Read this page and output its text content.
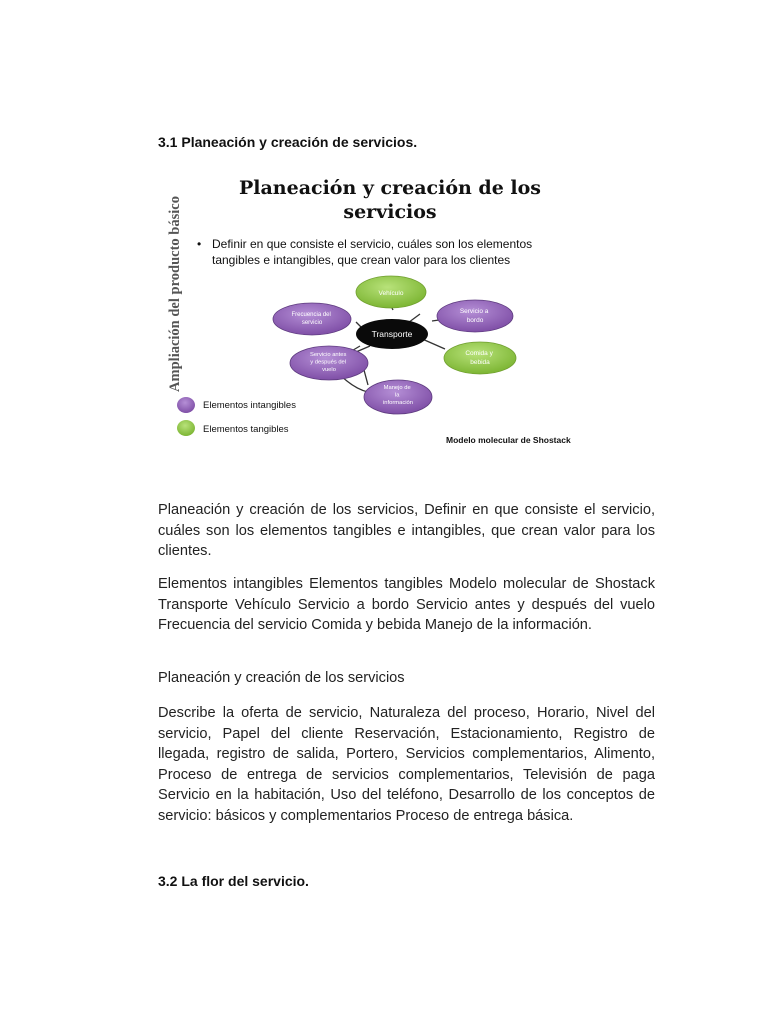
3.1 Planeación y creación de servicios.
Ampliación del producto básico
Planeación y creación de los
servicios
• Definir en que consiste el servicio, cuáles son los elementos
tangibles e intangibles, que crean valor para los clientes
Transporte
Vehículo
Comida y bebida
Servicio a bordo
Frecuencia del servicio
Servicio antes y después del vuelo
Manejo de la información
Elementos intangibles
Elementos tangibles
Modelo molecular de Shostack

Planeación y creación de los servicios, Definir en que consiste el servicio, cuáles son los elementos tangibles e intangibles, que crean valor para los clientes.

Elementos intangibles Elementos tangibles Modelo molecular de Shostack Transporte Vehículo Servicio a bordo Servicio antes y después del vuelo Frecuencia del servicio Comida y bebida Manejo de la información.

Planeación y creación de los servicios

Describe la oferta de servicio, Naturaleza del proceso, Horario, Nivel del servicio, Papel del cliente Reservación, Estacionamiento, Registro de llegada, registro de salida, Portero, Servicios complementarios, Alimento, Proceso de entrega de servicios complementarios, Televisión de paga Servicio en la habitación, Uso del teléfono, Desarrollo de los conceptos de servicio: básicos y complementarios Proceso de entrega básica.

3.2 La flor del servicio.
